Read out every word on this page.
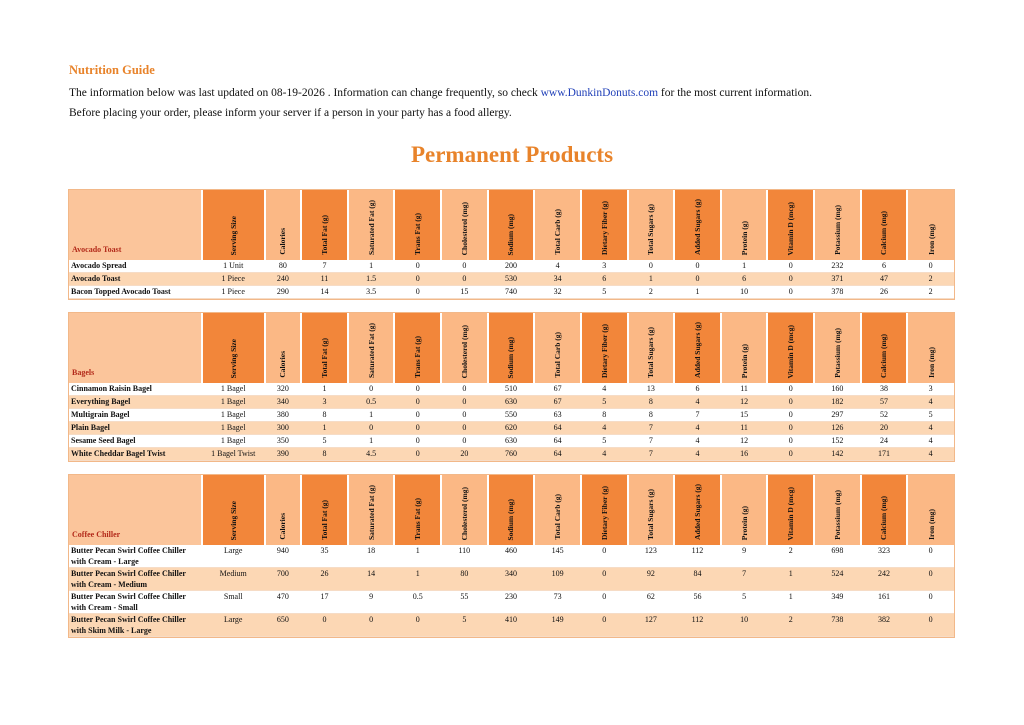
Nutrition Guide
The information below was last updated on 08-19-2026 . Information can change frequently, so check www.DunkinDonuts.com for the most current information.
Before placing your order, please inform your server if a person in your party has a food allergy.
Permanent Products
Avocado Toast	Serving Size	Calories	Total Fat (g)	Saturated Fat (g)	Trans Fat (g)	Cholesterol (mg)	Sodium (mg)	Total Carb (g)	Dietary Fiber (g)	Total Sugars (g)	Added Sugars (g)	Protein (g)	Vitamin D (mcg)	Potassium (mg)	Calcium (mg)	Iron (mg)
Avocado Spread	1 Unit	80	7	1	0	0	200	4	3	0	0	1	0	232	6	0
Avocado Toast	1 Piece	240	11	1.5	0	0	530	34	6	1	0	6	0	371	47	2
Bacon Topped Avocado Toast	1 Piece	290	14	3.5	0	15	740	32	5	2	1	10	0	378	26	2
Bagels	Serving Size	Calories	Total Fat (g)	Saturated Fat (g)	Trans Fat (g)	Cholesterol (mg)	Sodium (mg)	Total Carb (g)	Dietary Fiber (g)	Total Sugars (g)	Added Sugars (g)	Protein (g)	Vitamin D (mcg)	Potassium (mg)	Calcium (mg)	Iron (mg)
Cinnamon Raisin Bagel	1 Bagel	320	1	0	0	0	510	67	4	13	6	11	0	160	38	3
Everything Bagel	1 Bagel	340	3	0.5	0	0	630	67	5	8	4	12	0	182	57	4
Multigrain Bagel	1 Bagel	380	8	1	0	0	550	63	8	8	7	15	0	297	52	5
Plain Bagel	1 Bagel	300	1	0	0	0	620	64	4	7	4	11	0	126	20	4
Sesame Seed Bagel	1 Bagel	350	5	1	0	0	630	64	5	7	4	12	0	152	24	4
White Cheddar Bagel Twist	1 Bagel Twist	390	8	4.5	0	20	760	64	4	7	4	16	0	142	171	4
Coffee Chiller	Serving Size	Calories	Total Fat (g)	Saturated Fat (g)	Trans Fat (g)	Cholesterol (mg)	Sodium (mg)	Total Carb (g)	Dietary Fiber (g)	Total Sugars (g)	Added Sugars (g)	Protein (g)	Vitamin D (mcg)	Potassium (mg)	Calcium (mg)	Iron (mg)
Butter Pecan Swirl Coffee Chiller with Cream - Large	Large	940	35	18	1	110	460	145	0	123	112	9	2	698	323	0
Butter Pecan Swirl Coffee Chiller with Cream - Medium	Medium	700	26	14	1	80	340	109	0	92	84	7	1	524	242	0
Butter Pecan Swirl Coffee Chiller with Cream - Small	Small	470	17	9	0.5	55	230	73	0	62	56	5	1	349	161	0
Butter Pecan Swirl Coffee Chiller with Skim Milk - Large	Large	650	0	0	0	5	410	149	0	127	112	10	2	738	382	0
